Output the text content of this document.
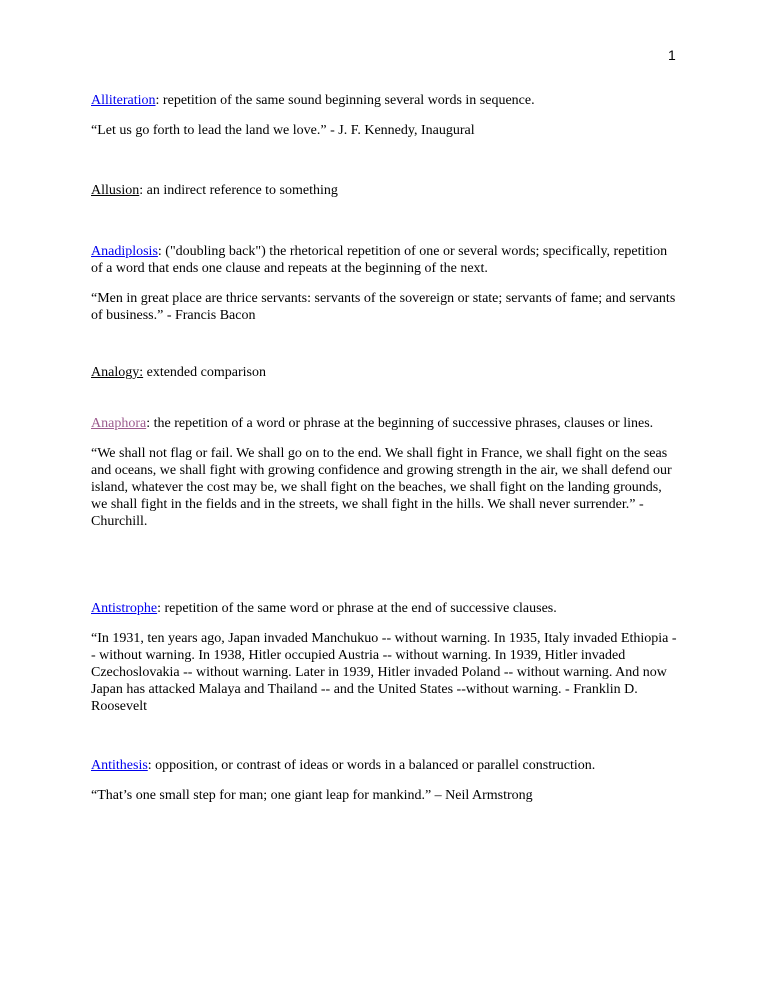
1

Alliteration: repetition of the same sound beginning several words in sequence.

“Let us go forth to lead the land we love.” - J. F. Kennedy, Inaugural

Allusion: an indirect reference to something

Anadiplosis: ("doubling back") the rhetorical repetition of one or several words; specifically, repetition of a word that ends one clause and repeats at the beginning of the next.

“Men in great place are thrice servants: servants of the sovereign or state; servants of fame; and servants of business.” - Francis Bacon

Analogy: extended comparison

Anaphora: the repetition of a word or phrase at the beginning of successive phrases, clauses or lines.

“We shall not flag or fail. We shall go on to the end. We shall fight in France, we shall fight on the seas and oceans, we shall fight with growing confidence and growing strength in the air, we shall defend our island, whatever the cost may be, we shall fight on the beaches, we shall fight on the landing grounds, we shall fight in the fields and in the streets, we shall fight in the hills. We shall never surrender.” - Churchill.

Antistrophe: repetition of the same word or phrase at the end of successive clauses.

“In 1931, ten years ago, Japan invaded Manchukuo -- without warning. In 1935, Italy invaded Ethiopia -- without warning. In 1938, Hitler occupied Austria -- without warning. In 1939, Hitler invaded Czechoslovakia -- without warning. Later in 1939, Hitler invaded Poland -- without warning. And now Japan has attacked Malaya and Thailand -- and the United States --without warning. - Franklin D. Roosevelt

Antithesis: opposition, or contrast of ideas or words in a balanced or parallel construction.

“That’s one small step for man; one giant leap for mankind.” – Neil Armstrong
